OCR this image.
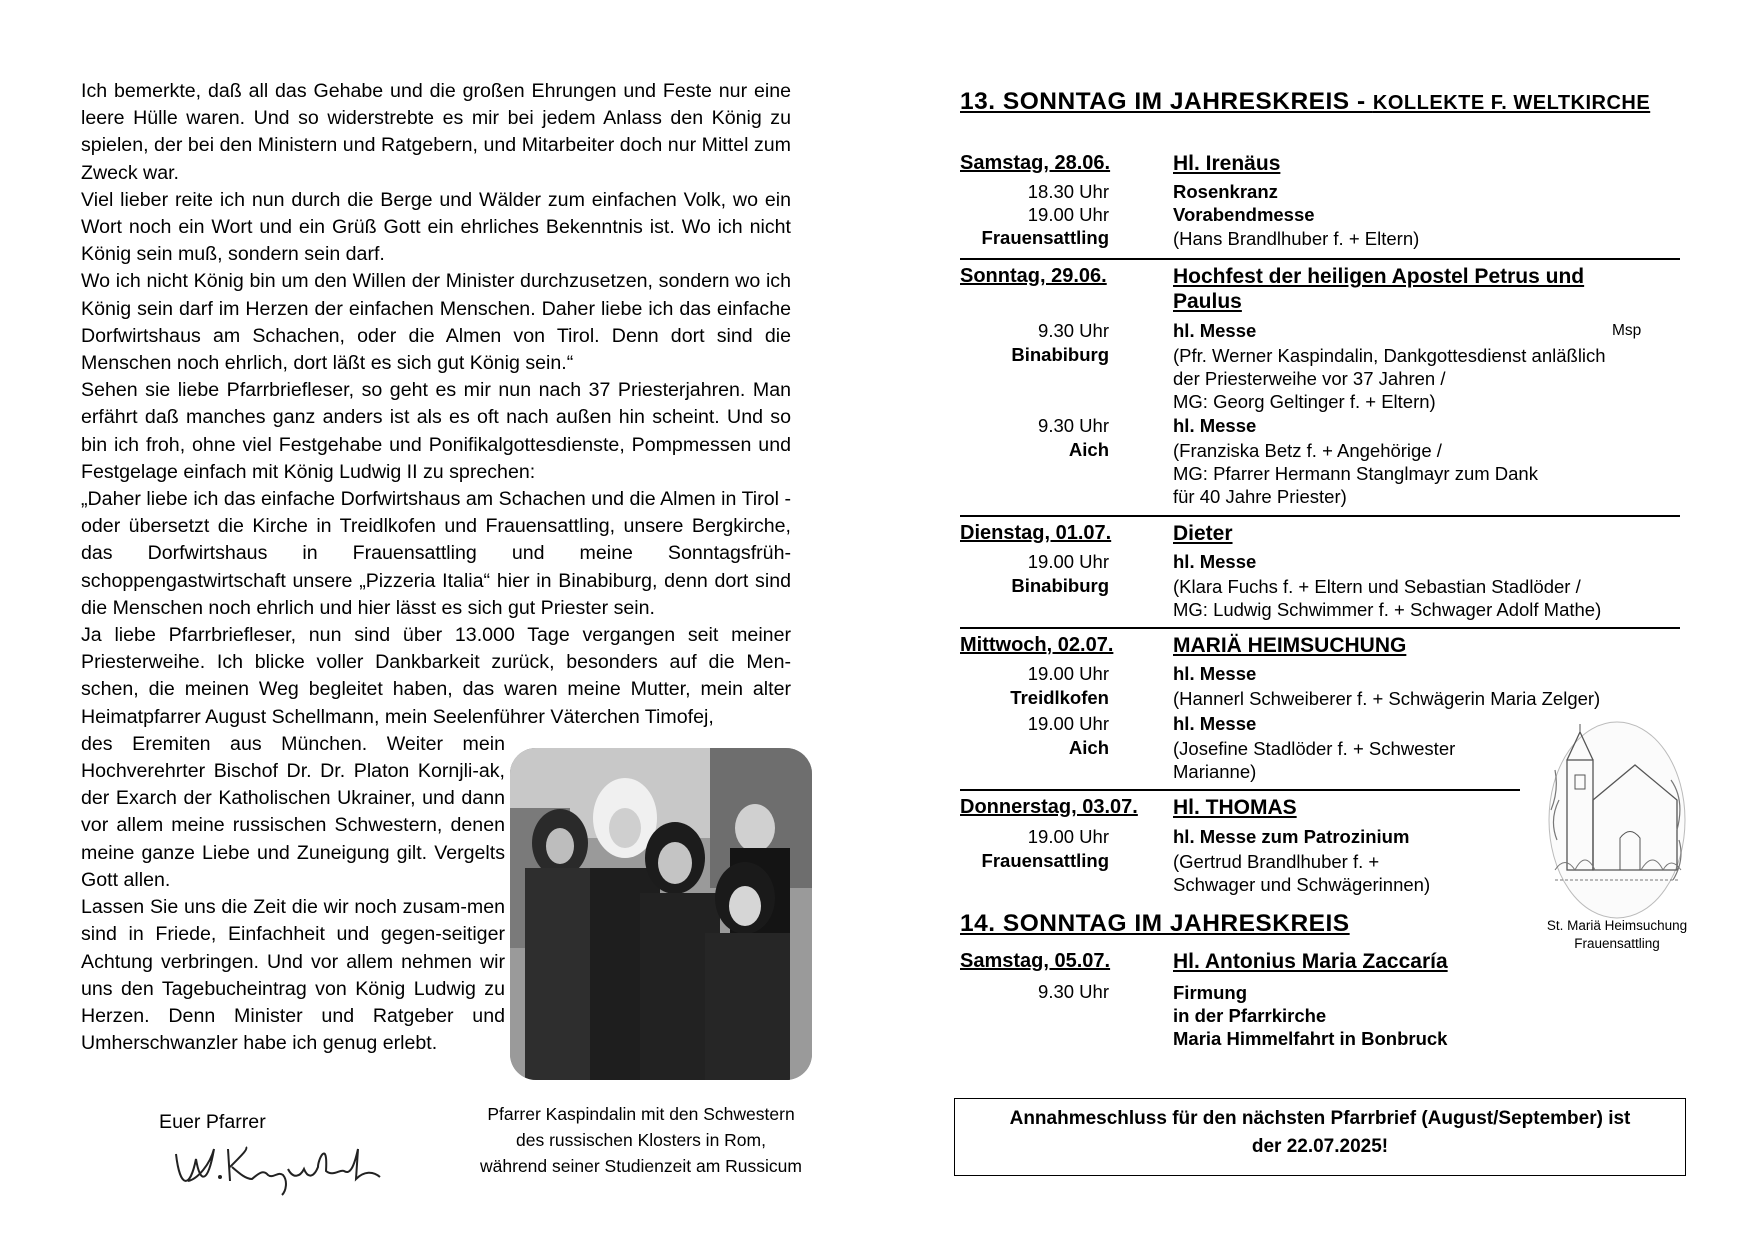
Ich bemerkte, daß all das Gehabe und die großen Ehrungen und Feste nur eine leere Hülle waren. Und so widerstrebte es mir bei jedem Anlass den König zu spielen, der bei den Ministern und Ratgebern, und Mitarbeiter doch nur Mittel zum Zweck war.

Viel lieber reite ich nun durch die Berge und Wälder zum einfachen Volk, wo ein Wort noch ein Wort und ein Grüß Gott ein ehrliches Bekenntnis ist. Wo ich nicht König sein muß, sondern sein darf.

Wo ich nicht König bin um den Willen der Minister durchzusetzen, sondern wo ich König sein darf im Herzen der einfachen Menschen. Daher liebe ich das einfache Dorfwirtshaus am Schachen, oder die Almen von Tirol. Denn dort sind die Menschen noch ehrlich, dort läßt es sich gut König sein.“

Sehen sie liebe Pfarrbriefleser, so geht es mir nun nach 37 Priesterjahren. Man erfährt daß manches ganz anders ist als es oft nach außen hin scheint. Und so bin ich froh, ohne viel Festgehabe und Ponifikalgottesdienste, Pompmessen und Festgelage einfach mit König Ludwig II zu sprechen:

„Daher liebe ich das einfache Dorfwirtshaus am Schachen und die Almen in Tirol - oder übersetzt die Kirche in Treidlkofen und Frauensattling, unsere Bergkirche, das Dorfwirtshaus in Frauensattling und meine Sonntagsfrüh-schoppengastwirtschaft unsere „Pizzeria Italia“ hier in Binabiburg, denn dort sind die Menschen noch ehrlich und hier lässt es sich gut Priester sein.

Ja liebe Pfarrbriefleser, nun sind über 13.000 Tage vergangen seit meiner Priesterweihe. Ich blicke voller Dankbarkeit zurück, besonders auf die Men-schen, die meinen Weg begleitet haben, das waren meine Mutter, mein alter Heimatpfarrer August Schellmann, mein Seelenführer Väterchen Timofej,

des Eremiten aus München. Weiter mein Hochverehrter Bischof Dr. Dr. Platon Kornjli-ak, der Exarch der Katholischen Ukrainer, und dann vor allem meine russischen Schwestern, denen meine ganze Liebe und Zuneigung gilt. Vergelts Gott allen.

Lassen Sie uns die Zeit die wir noch zusam-men sind in Friede, Einfachheit und gegen-seitiger Achtung verbringen. Und vor allem nehmen wir uns den Tagebucheintrag von König Ludwig zu Herzen. Denn Minister und Ratgeber und Umherschwanzler habe ich genug erlebt.

Euer Pfarrer	Pfarrer Kaspindalin mit den Schwestern
des russischen Klosters in Rom,
während seiner Studienzeit am Russicum
13. SONNTAG IM JAHRESKREIS - KOLLEKTE F. WELTKIRCHE
Samstag, 28.06.	Hl. Irenäus
18.30 Uhr	Rosenkranz
19.00 Uhr	Vorabendmesse
Frauensattling	(Hans Brandlhuber f. + Eltern)
Sonntag, 29.06.	Hochfest der heiligen Apostel Petrus und
Paulus
9.30 Uhr	hl. Messe	Msp
Binabiburg	(Pfr. Werner Kaspindalin, Dankgottesdienst anläßlich
der Priesterweihe vor 37 Jahren /
MG: Georg Geltinger f. + Eltern)
9.30 Uhr	hl. Messe
Aich	(Franziska Betz f. + Angehörige /
MG: Pfarrer Hermann Stanglmayr zum Dank
für 40 Jahre Priester)
Dienstag, 01.07.	Dieter
19.00 Uhr	hl. Messe
Binabiburg	(Klara Fuchs f. + Eltern und Sebastian Stadlöder /
MG: Ludwig Schwimmer f. + Schwager Adolf Mathe)
Mittwoch, 02.07.	MARIÄ HEIMSUCHUNG
19.00 Uhr	hl. Messe
Treidlkofen	(Hannerl Schweiberer f. + Schwägerin Maria Zelger)
19.00 Uhr	hl. Messe
Aich	(Josefine Stadlöder f. + Schwester
Marianne)
Donnerstag, 03.07. Hl. THOMAS
19.00 Uhr	hl. Messe zum Patrozinium
Frauensattling	(Gertrud Brandlhuber f. +
Schwager und Schwägerinnen)
14. SONNTAG IM JAHRESKREIS
Samstag, 05.07.	Hl. Antonius Maria Zaccaría
9.30 Uhr	Firmung
in der Pfarrkirche
Maria Himmelfahrt in Bonbruck
St. Mariä Heimsuchung
Frauensattling
Annahmeschluss für den nächsten Pfarrbrief (August/September) ist
der 22.07.2025!
